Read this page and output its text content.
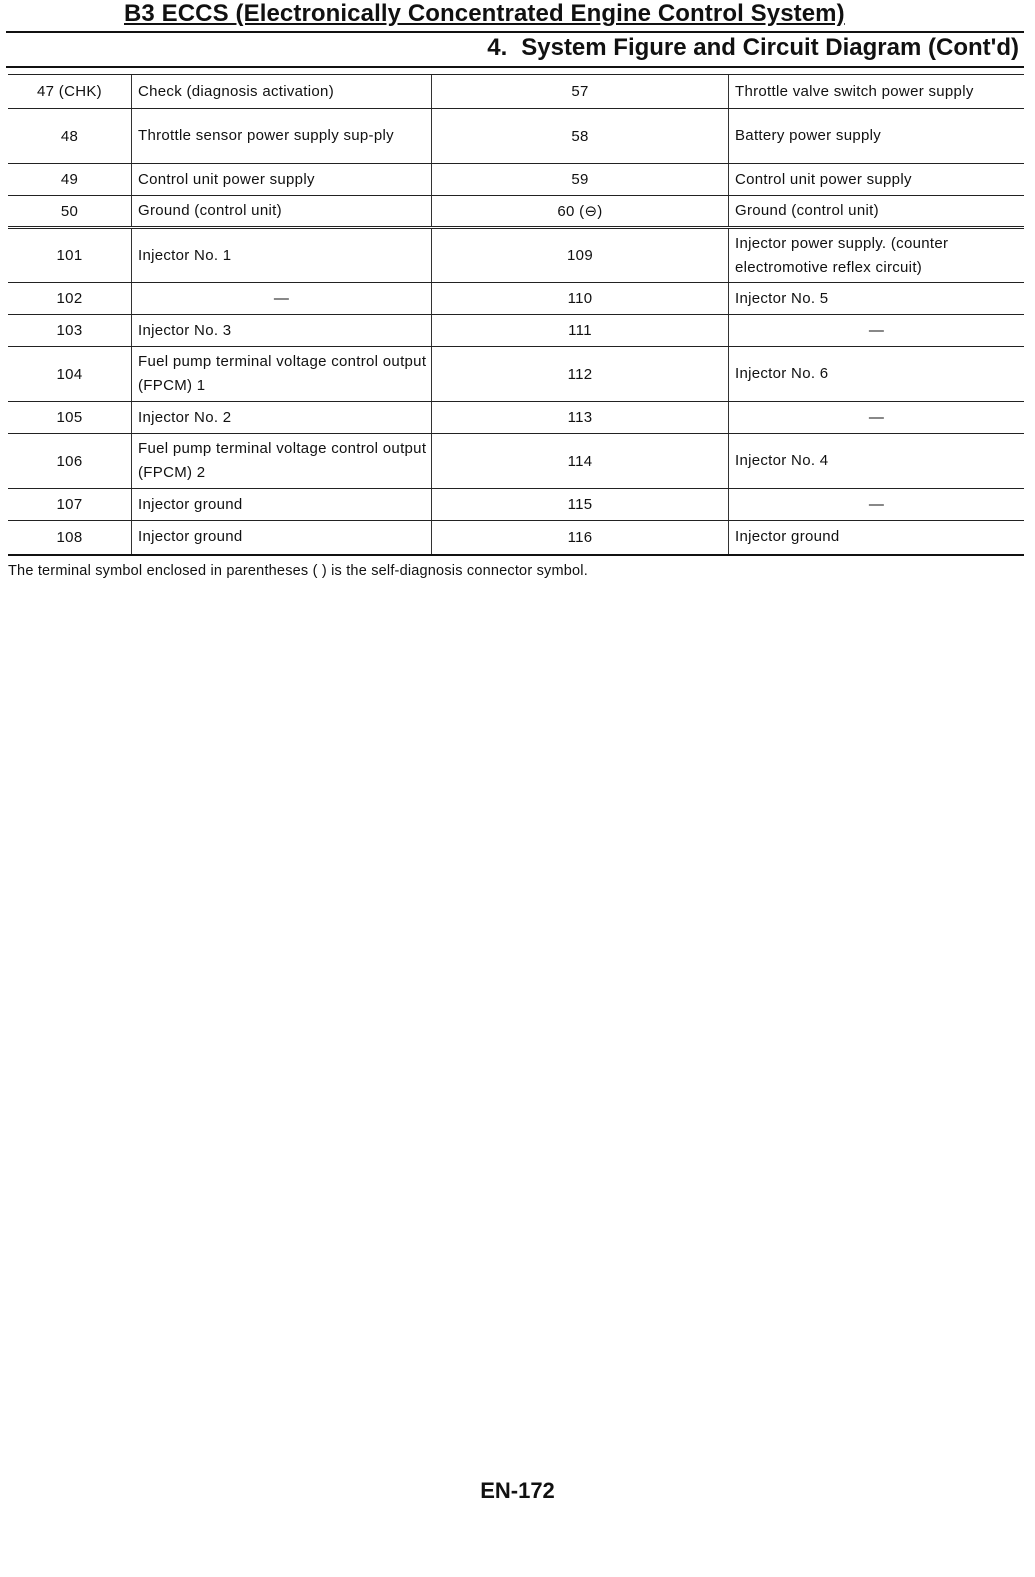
B3 ECCS (Electronically Concentrated Engine Control System)
4. System Figure and Circuit Diagram (Cont'd)
47 (CHK)	Check (diagnosis activation)	57	Throttle valve switch power supply
48	Throttle sensor power supply sup-ply	58	Battery power supply
49	Control unit power supply	59	Control unit power supply
50	Ground (control unit)	60 (⊖)	Ground (control unit)
101	Injector No. 1	109	Injector power supply. (counter electromotive reflex circuit)
102	—	110	Injector No. 5
103	Injector No. 3	111	—
104	Fuel pump terminal voltage control output (FPCM) 1	112	Injector No. 6
105	Injector No. 2	113	—
106	Fuel pump terminal voltage control output (FPCM) 2	114	Injector No. 4
107	Injector ground	115	—
108	Injector ground	116	Injector ground
The terminal symbol enclosed in parentheses ( ) is the self-diagnosis connector symbol.
EN-172
